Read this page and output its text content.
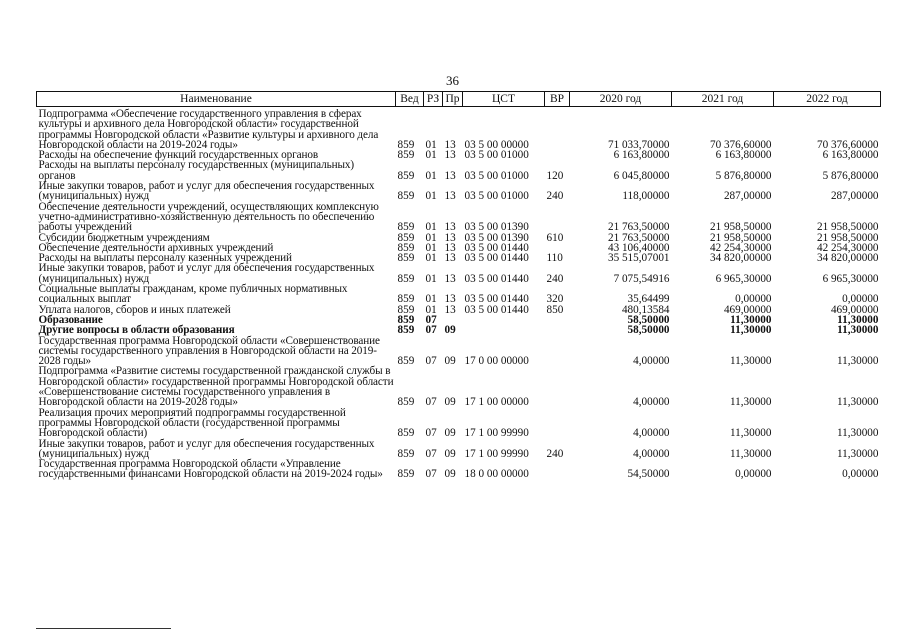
36
Наименование	Вед	РЗ	Пр	ЦСТ	ВР	2020 год	2021 год	2022 год
Подпрограмма «Обеспечение государственного управления в сферах культуры и архивного дела Новгородской области» государственной программы Новгородской области «Развитие культуры и архивного дела Новгородской области на 2019-2024 годы»	859	01	13	03 5 00 00000		71 033,70000	70 376,60000	70 376,60000
Расходы на обеспечение функций государственных органов	859	01	13	03 5 00 01000		6 163,80000	6 163,80000	6 163,80000
Расходы на выплаты персоналу государственных (муниципальных) органов	859	01	13	03 5 00 01000	120	6 045,80000	5 876,80000	5 876,80000
Иные закупки товаров, работ и услуг для обеспечения государственных (муниципальных) нужд	859	01	13	03 5 00 01000	240	118,00000	287,00000	287,00000
Обеспечение деятельности учреждений, осуществляющих комплексную учетно-административно-хозяйственную деятельность по обеспечению работы учреждений	859	01	13	03 5 00 01390		21 763,50000	21 958,50000	21 958,50000
Субсидии бюджетным учреждениям	859	01	13	03 5 00 01390	610	21 763,50000	21 958,50000	21 958,50000
Обеспечение деятельности архивных учреждений	859	01	13	03 5 00 01440		43 106,40000	42 254,30000	42 254,30000
Расходы на выплаты персоналу казенных учреждений	859	01	13	03 5 00 01440	110	35 515,07001	34 820,00000	34 820,00000
Иные закупки товаров, работ и услуг для обеспечения государственных (муниципальных) нужд	859	01	13	03 5 00 01440	240	7 075,54916	6 965,30000	6 965,30000
Социальные выплаты гражданам, кроме публичных нормативных социальных выплат	859	01	13	03 5 00 01440	320	35,64499	0,00000	0,00000
Уплата налогов, сборов и иных платежей	859	01	13	03 5 00 01440	850	480,13584	469,00000	469,00000
Образование	859	07				58,50000	11,30000	11,30000
Другие вопросы в области образования	859	07	09			58,50000	11,30000	11,30000
Государственная программа Новгородской области «Совершенствование системы государственного управления в Новгородской области на 2019-2028 годы»	859	07	09	17 0 00 00000		4,00000	11,30000	11,30000
Подпрограмма «Развитие системы государственной гражданской службы в Новгородской области» государственной программы Новгородской области «Совершенствование системы государственного управления в Новгородской области на 2019-2028 годы»	859	07	09	17 1 00 00000		4,00000	11,30000	11,30000
Реализация прочих мероприятий подпрограммы государственной программы Новгородской области (государственной программы Новгородской области)	859	07	09	17 1 00 99990		4,00000	11,30000	11,30000
Иные закупки товаров, работ и услуг для обеспечения государственных (муниципальных) нужд	859	07	09	17 1 00 99990	240	4,00000	11,30000	11,30000
Государственная программа Новгородской области «Управление государственными финансами Новгородской области на 2019-2024 годы»	859	07	09	18 0 00 00000		54,50000	0,00000	0,00000
